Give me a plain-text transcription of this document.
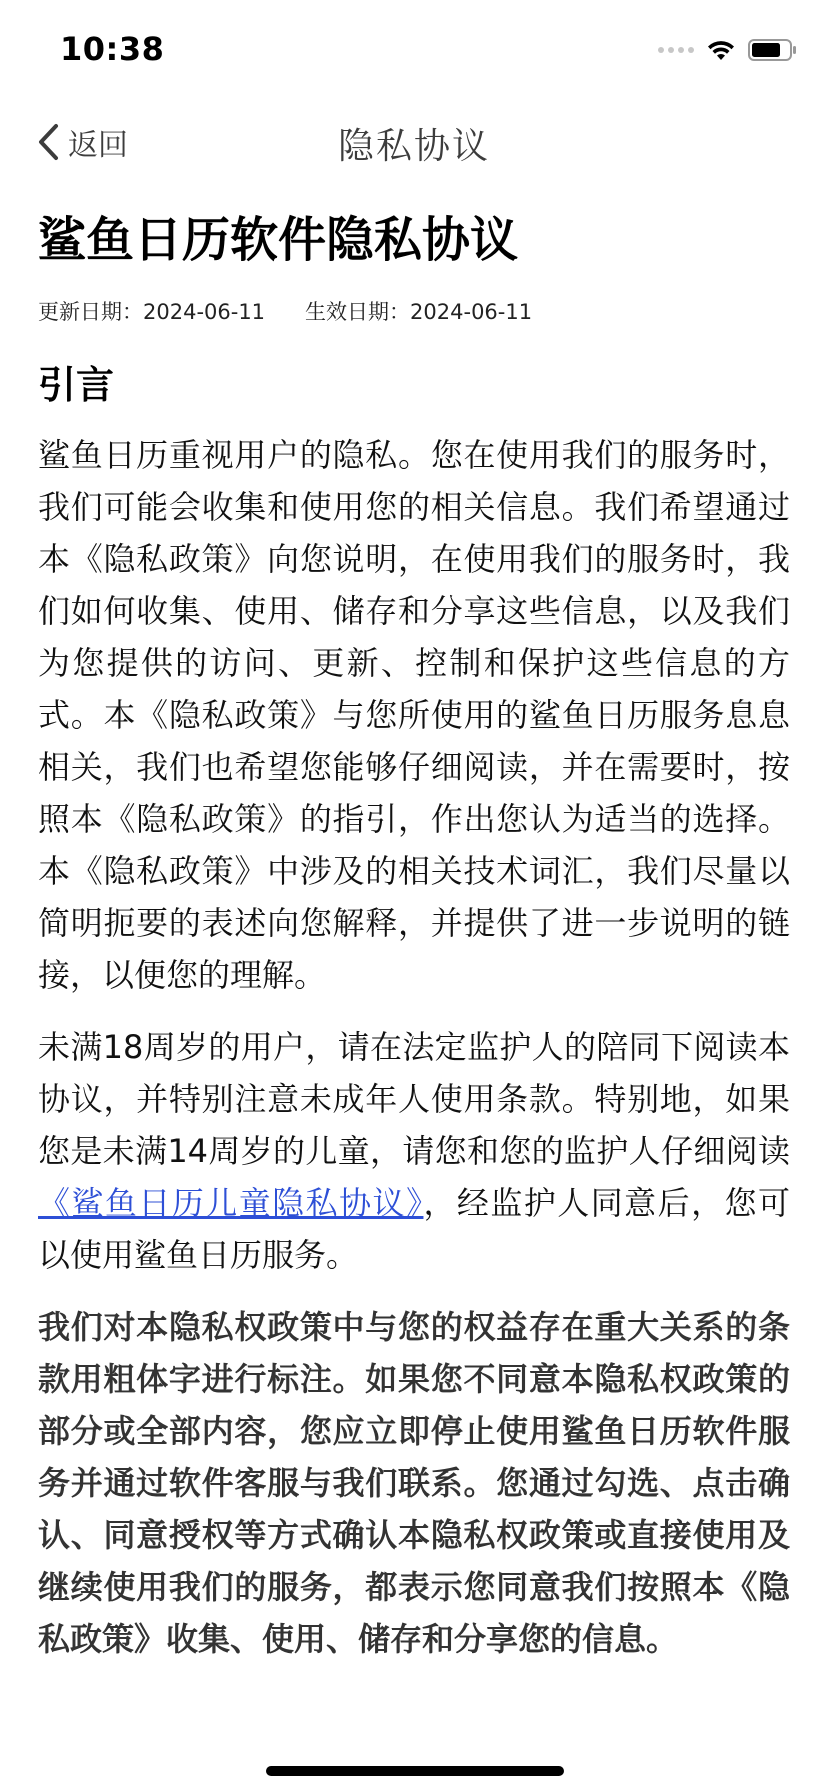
10:38
返回	隐私协议
鲨鱼日历软件隐私协议
更新日期：2024-06-11 生效日期：2024-06-11
引言

鲨鱼日历重视用户的隐私。您在使用我们的服务时，我们可能会收集和使用您的相关信息。我们希望通过本《隐私政策》向您说明，在使用我们的服务时，我们如何收集、使用、储存和分享这些信息，以及我们为您提供的访问、更新、控制和保护这些信息的方式。本《隐私政策》与您所使用的鲨鱼日历服务息息相关，我们也希望您能够仔细阅读，并在需要时，按照本《隐私政策》的指引，作出您认为适当的选择。本《隐私政策》中涉及的相关技术词汇，我们尽量以简明扼要的表述向您解释，并提供了进一步说明的链接，以便您的理解。

未满18周岁的用户，请在法定监护人的陪同下阅读本协议，并特别注意未成年人使用条款。特别地，如果您是未满14周岁的儿童，请您和您的监护人仔细阅读《鲨鱼日历儿童隐私协议》，经监护人同意后，您可以使用鲨鱼日历服务。

我们对本隐私权政策中与您的权益存在重大关系的条款用粗体字进行标注。如果您不同意本隐私权政策的部分或全部内容，您应立即停止使用鲨鱼日历软件服务并通过软件客服与我们联系。您通过勾选、点击确认、同意授权等方式确认本隐私权政策或直接使用及继续使用我们的服务，都表示您同意我们按照本《隐私政策》收集、使用、储存和分享您的信息。
